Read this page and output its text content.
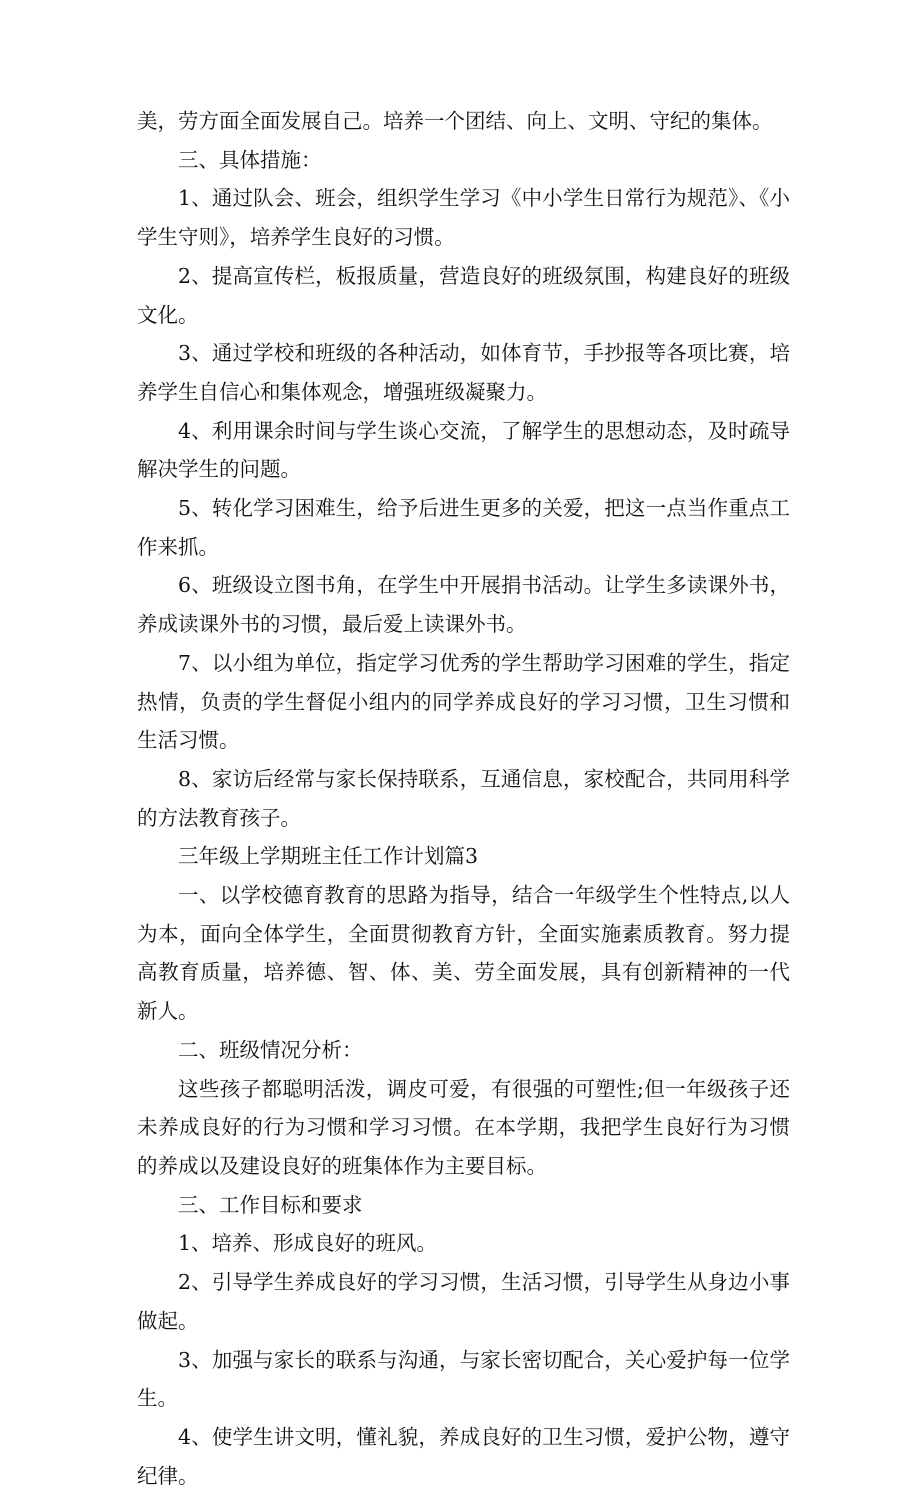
美，劳方面全面发展自己。培养一个团结、向上、文明、守纪的集体。

三、具体措施：

1、通过队会、班会，组织学生学习《中小学生日常行为规范》、《小学生守则》，培养学生良好的习惯。

2、提高宣传栏，板报质量，营造良好的班级氛围，构建良好的班级文化。

3、通过学校和班级的各种活动，如体育节，手抄报等各项比赛，培养学生自信心和集体观念，增强班级凝聚力。

4、利用课余时间与学生谈心交流，了解学生的思想动态，及时疏导解决学生的问题。

5、转化学习困难生，给予后进生更多的关爱，把这一点当作重点工作来抓。

6、班级设立图书角，在学生中开展捐书活动。让学生多读课外书，养成读课外书的习惯，最后爱上读课外书。

7、以小组为单位，指定学习优秀的学生帮助学习困难的学生，指定热情，负责的学生督促小组内的同学养成良好的学习习惯，卫生习惯和生活习惯。

8、家访后经常与家长保持联系，互通信息，家校配合，共同用科学的方法教育孩子。

三年级上学期班主任工作计划篇3

一、以学校德育教育的思路为指导，结合一年级学生个性特点,以人为本，面向全体学生，全面贯彻教育方针，全面实施素质教育。努力提高教育质量，培养德、智、体、美、劳全面发展，具有创新精神的一代新人。

二、班级情况分析：

这些孩子都聪明活泼，调皮可爱，有很强的可塑性;但一年级孩子还未养成良好的行为习惯和学习习惯。在本学期，我把学生良好行为习惯的养成以及建设良好的班集体作为主要目标。

三、工作目标和要求

1、培养、形成良好的班风。

2、引导学生养成良好的学习习惯，生活习惯，引导学生从身边小事做起。

3、加强与家长的联系与沟通，与家长密切配合，关心爱护每一位学生。

4、使学生讲文明，懂礼貌，养成良好的卫生习惯，爱护公物，遵守纪律。
